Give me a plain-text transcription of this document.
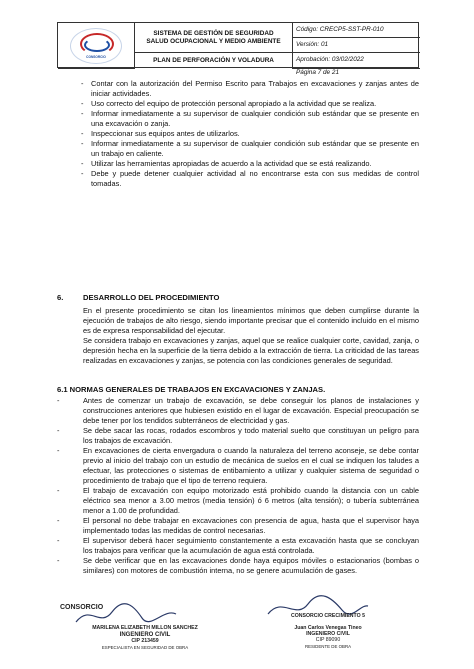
CONSORCIO
SISTEMA DE GESTIÓN DE SEGURIDAD
SALUD OCUPACIONAL Y MEDIO AMBIENTE
Código: CRECP5-SST-PR-010
Versión: 01
PLAN DE PERFORACIÓN Y VOLADURA	Aprobación: 03/02/2022
Página 7 de 21
- Contar con la autorización del Permiso Escrito para Trabajos en excavaciones y zanjas antes de iniciar actividades.
- Uso correcto del equipo de protección personal apropiado a la actividad que se realiza.
- Informar inmediatamente a su supervisor de cualquier condición sub estándar que se presente en una excavación o zanja.
- Inspeccionar sus equipos antes de utilizarlos.
- Informar inmediatamente a su supervisor de cualquier condición sub estándar que se presente en un trabajo en caliente.
- Utilizar las herramientas apropiadas de acuerdo a la actividad que se está realizando.
- Debe y puede detener cualquier actividad al no encontrarse esta con sus medidas de control tomadas.
6.	DESARROLLO DEL PROCEDIMIENTO
En el presente procedimiento se citan los lineamientos mínimos que deben cumplirse durante la ejecución de trabajos de alto riesgo, siendo importante precisar que el contenido incluido en el mismo es de expresa responsabilidad del ejecutar.
Se considera trabajo en excavaciones y zanjas, aquel que se realice cualquier corte, cavidad, zanja, o depresión hecha en la superficie de la tierra debido a la extracción de tierra. La criticidad de las tareas realizadas en excavaciones y zanjas, se potencia con las condiciones generales de seguridad.
6.1 NORMAS GENERALES DE TRABAJOS EN EXCAVACIONES Y ZANJAS.
-	Antes de comenzar un trabajo de excavación, se debe conseguir los planos de instalaciones y construcciones anteriores que hubiesen existido en el lugar de excavación. Especial preocupación se debe tener por los tendidos subterráneos de electricidad y gas.
-	Se debe sacar las rocas, rodados escombros y todo material suelto que constituyan un peligro para los trabajos de excavación.
-	En excavaciones de cierta envergadura o cuando la naturaleza del terreno aconseje, se debe contar previo al inicio del trabajo con un estudio de mecánica de suelos en el cual se indiquen los taludes a efectuar, las protecciones o sistemas de entibamiento a utilizar y cualquier sistema de seguridad o procedimiento de trabajo que el tipo de terreno requiera.
-	El trabajo de excavación con equipo motorizado está prohibido cuando la distancia con un cable eléctrico sea menor a 3.00 metros (media tensión) ó 6 metros (alta tensión); o tubería subterránea menor a 1.00 de profundidad.
-	El personal no debe trabajar en excavaciones con presencia de agua, hasta que el supervisor haya implementado todas las medidas de control necesarias.
-	El supervisor deberá hacer seguimiento constantemente a esta excavación hasta que se concluyan los trabajos para verificar que la acumulación de agua está controlada.
-	Se debe verificar que en las excavaciones donde haya equipos móviles o estacionarios (bombas o similares) con motores de combustión interna, no se genere acumulación de gases.
CONSORCIO
MARILENA ELIZABETH MILLON SANCHEZ
INGENIERO CIVIL
CIP 213459
ESPECIALISTA EN SEGURIDAD DE OBRA
CONSORCIO CRECIMIENTO 5
Juan Carlos Venegas Tineo
INGENIERO CIVIL
CIP 89090
RESIDENTE DE OBRA
